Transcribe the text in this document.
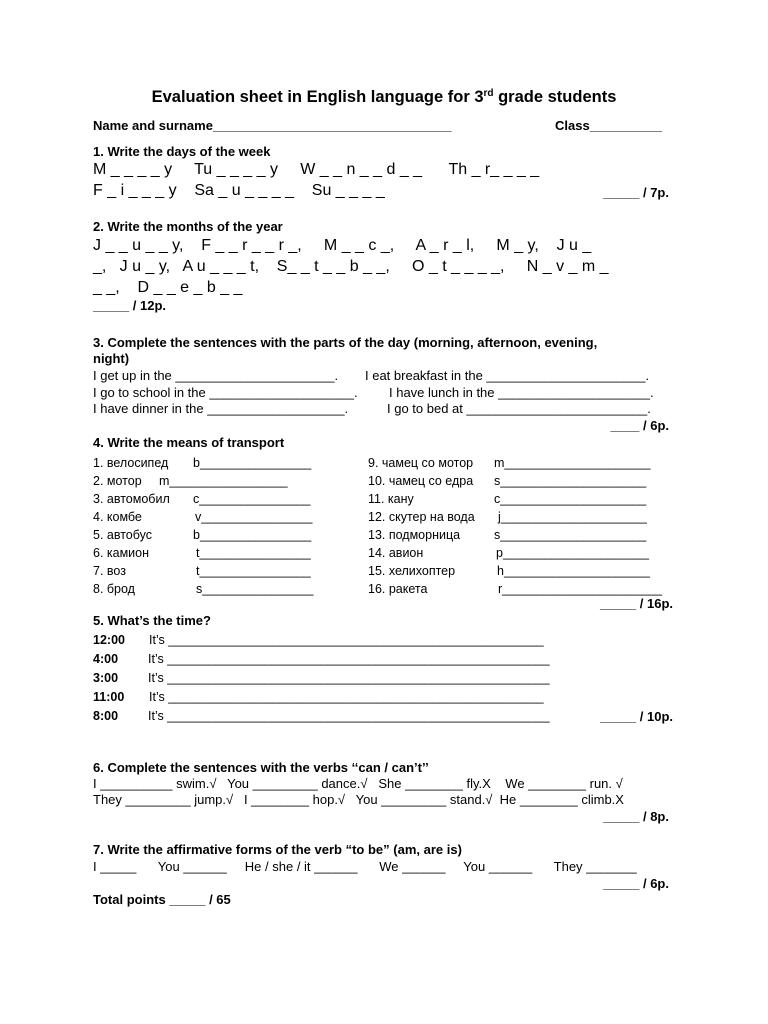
Evaluation sheet in English language for 3rd grade students
Name and surname_________________________________	Class__________
1. Write the days of the week
M _ _ _ _ y     Tu _ _ _ _ y     W _ _ n _ _ d _ _      Th _ r_ _ _ _
F _ i _ _ _ y    Sa _ u _ _ _ _    Su _ _ _ _	_____ / 7p.
2. Write the months of the year
J _ _ u _ _ y,    F _ _ r _ _ r _,     M _ _ c _,     A _ r _ l,     M _ y,    J u _
_,   J u _ y,   A u _ _ _ t,    S_ _ t _ _ b _ _,     O _ t _ _ _ _,     N _ v _ m _
_ _,    D _ _ e _ b _ _
_____ / 12p.
3. Complete the sentences with the parts of the day (morning, afternoon, evening,
night)
I get up in the ______________________. I eat breakfast in the ______________________.
I go to school in the ____________________. I have lunch in the _____________________.
I have dinner in the ___________________.	I go to bed at _________________________.
____ / 6p.
4. Write the means of transport
1. велосипед b________________
2. мотор m_________________
3. автомобил c________________
4. комбе	v________________
5. автобус	b________________
6. камион	t________________
7. воз	t________________
8. брод	s________________
9. чамец со мотор m_____________________
10. чамец со едра s_____________________
11. кану	c_____________________
12. скутер на вода j_____________________
13. подморница	s_____________________
14. авион	p_____________________
15. хелихоптер	h_____________________
16. ракета	r_______________________
_____ / 16p.
5. What’s the time?
12:00 It’s ______________________________________________________
4:00 It’s _______________________________________________________
3:00 It’s _______________________________________________________
11:00 It’s ______________________________________________________
8:00 It’s _______________________________________________________	_____ / 10p.
6. Complete the sentences with the verbs ‘‘can / can’t’’
I __________ swim.√   You _________ dance.√   She ________ fly.X    We ________ run. √
They _________ jump.√   I ________ hop.√   You _________ stand.√  He ________ climb.X
_____ / 8p.
7. Write the affirmative forms of the verb “to be” (am, are is)
I _____      You ______     He / she / it ______      We ______     You ______      They _______
_____ / 6p.
Total points _____ / 65
